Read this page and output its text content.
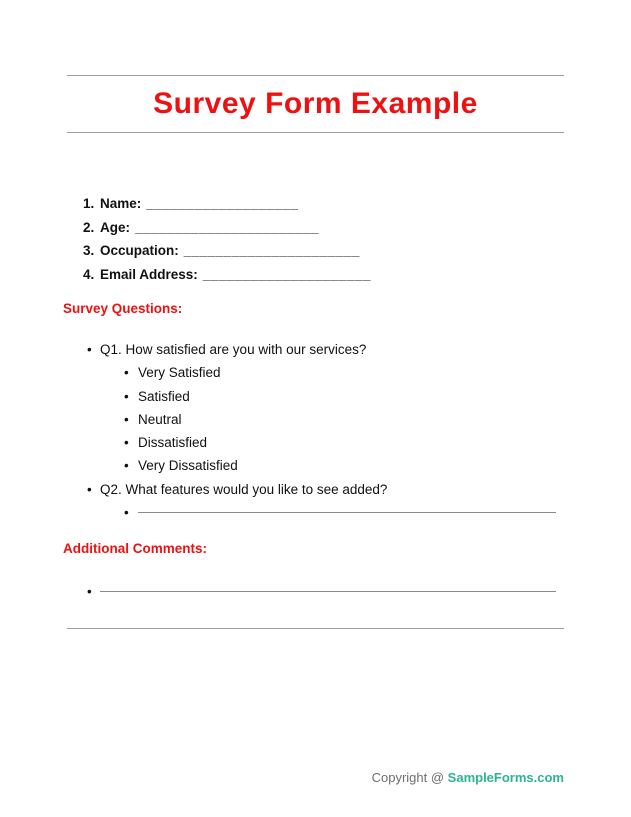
Survey Form Example
1. Name: ___________________
2. Age: _______________________
3. Occupation: ______________________
4. Email Address: _____________________
Survey Questions:
•
Q1. How satisfied are you with our services?
•
Very Satisfied
•
Satisfied
•
Neutral
•
Dissatisfied
•
Very Dissatisfied
•
Q2. What features would you like to see added?
•
Additional Comments:
•
Copyright @ SampleForms.com
